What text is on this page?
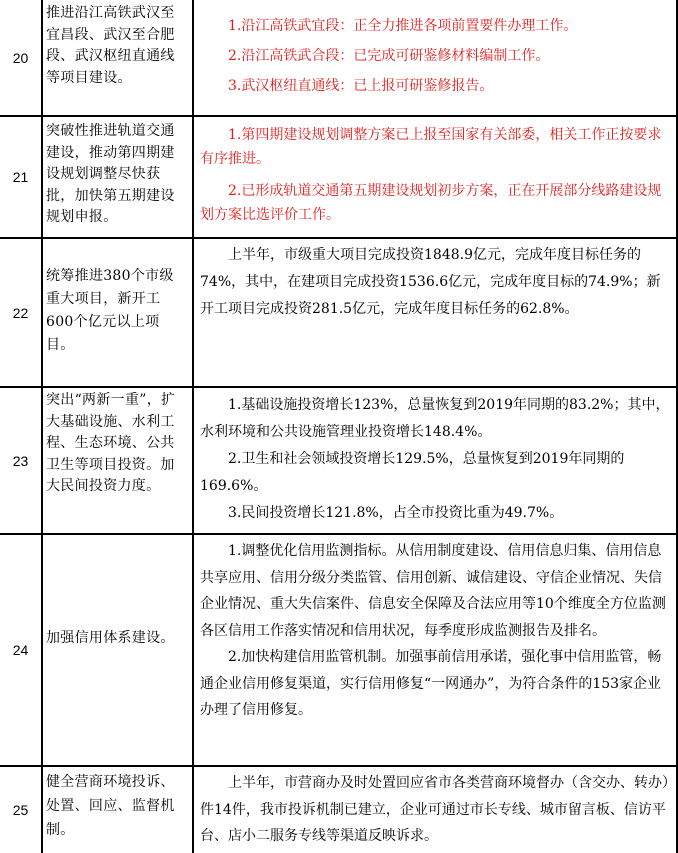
20
推进沿江高铁武汉至宜昌段、武汉至合肥段、武汉枢纽直通线等项目建设。

1.沿江高铁武宜段：正全力推进各项前置要件办理工作。

2.沿江高铁武合段：已完成可研鉴修材料编制工作。

3.武汉枢纽直通线：已上报可研鉴修报告。

21
突破性推进轨道交通建设，推动第四期建设规划调整尽快获批，加快第五期建设规划申报。

1.第四期建设规划调整方案已上报至国家有关部委，相关工作正按要求有序推进。

2.已形成轨道交通第五期建设规划初步方案，正在开展部分线路建设规划方案比选评价工作。

22
统筹推进380个市级重大项目，新开工600个亿元以上项目。

上半年，市级重大项目完成投资1848.9亿元，完成年度目标任务的74%，其中，在建项目完成投资1536.6亿元，完成年度目标的74.9%；新开工项目完成投资281.5亿元，完成年度目标任务的62.8%。

23
突出“两新一重”，扩大基础设施、水利工程、生态环境、公共卫生等项目投资。加大民间投资力度。

1.基础设施投资增长123%，总量恢复到2019年同期的83.2%；其中，水利环境和公共设施管理业投资增长148.4%。

2.卫生和社会领域投资增长129.5%，总量恢复到2019年同期的169.6%。

3.民间投资增长121.8%，占全市投资比重为49.7%。

24
加强信用体系建设。

1.调整优化信用监测指标。从信用制度建设、信用信息归集、信用信息共享应用、信用分级分类监管、信用创新、诚信建设、守信企业情况、失信企业情况、重大失信案件、信息安全保障及合法应用等10个维度全方位监测各区信用工作落实情况和信用状况，每季度形成监测报告及排名。

2.加快构建信用监管机制。加强事前信用承诺，强化事中信用监管，畅通企业信用修复渠道，实行信用修复“一网通办”，为符合条件的153家企业办理了信用修复。

25
健全营商环境投诉、处置、回应、监督机制。

上半年，市营商办及时处置回应省市各类营商环境督办（含交办、转办）件14件，我市投诉机制已建立，企业可通过市长专线、城市留言板、信访平台、店小二服务专线等渠道反映诉求。
